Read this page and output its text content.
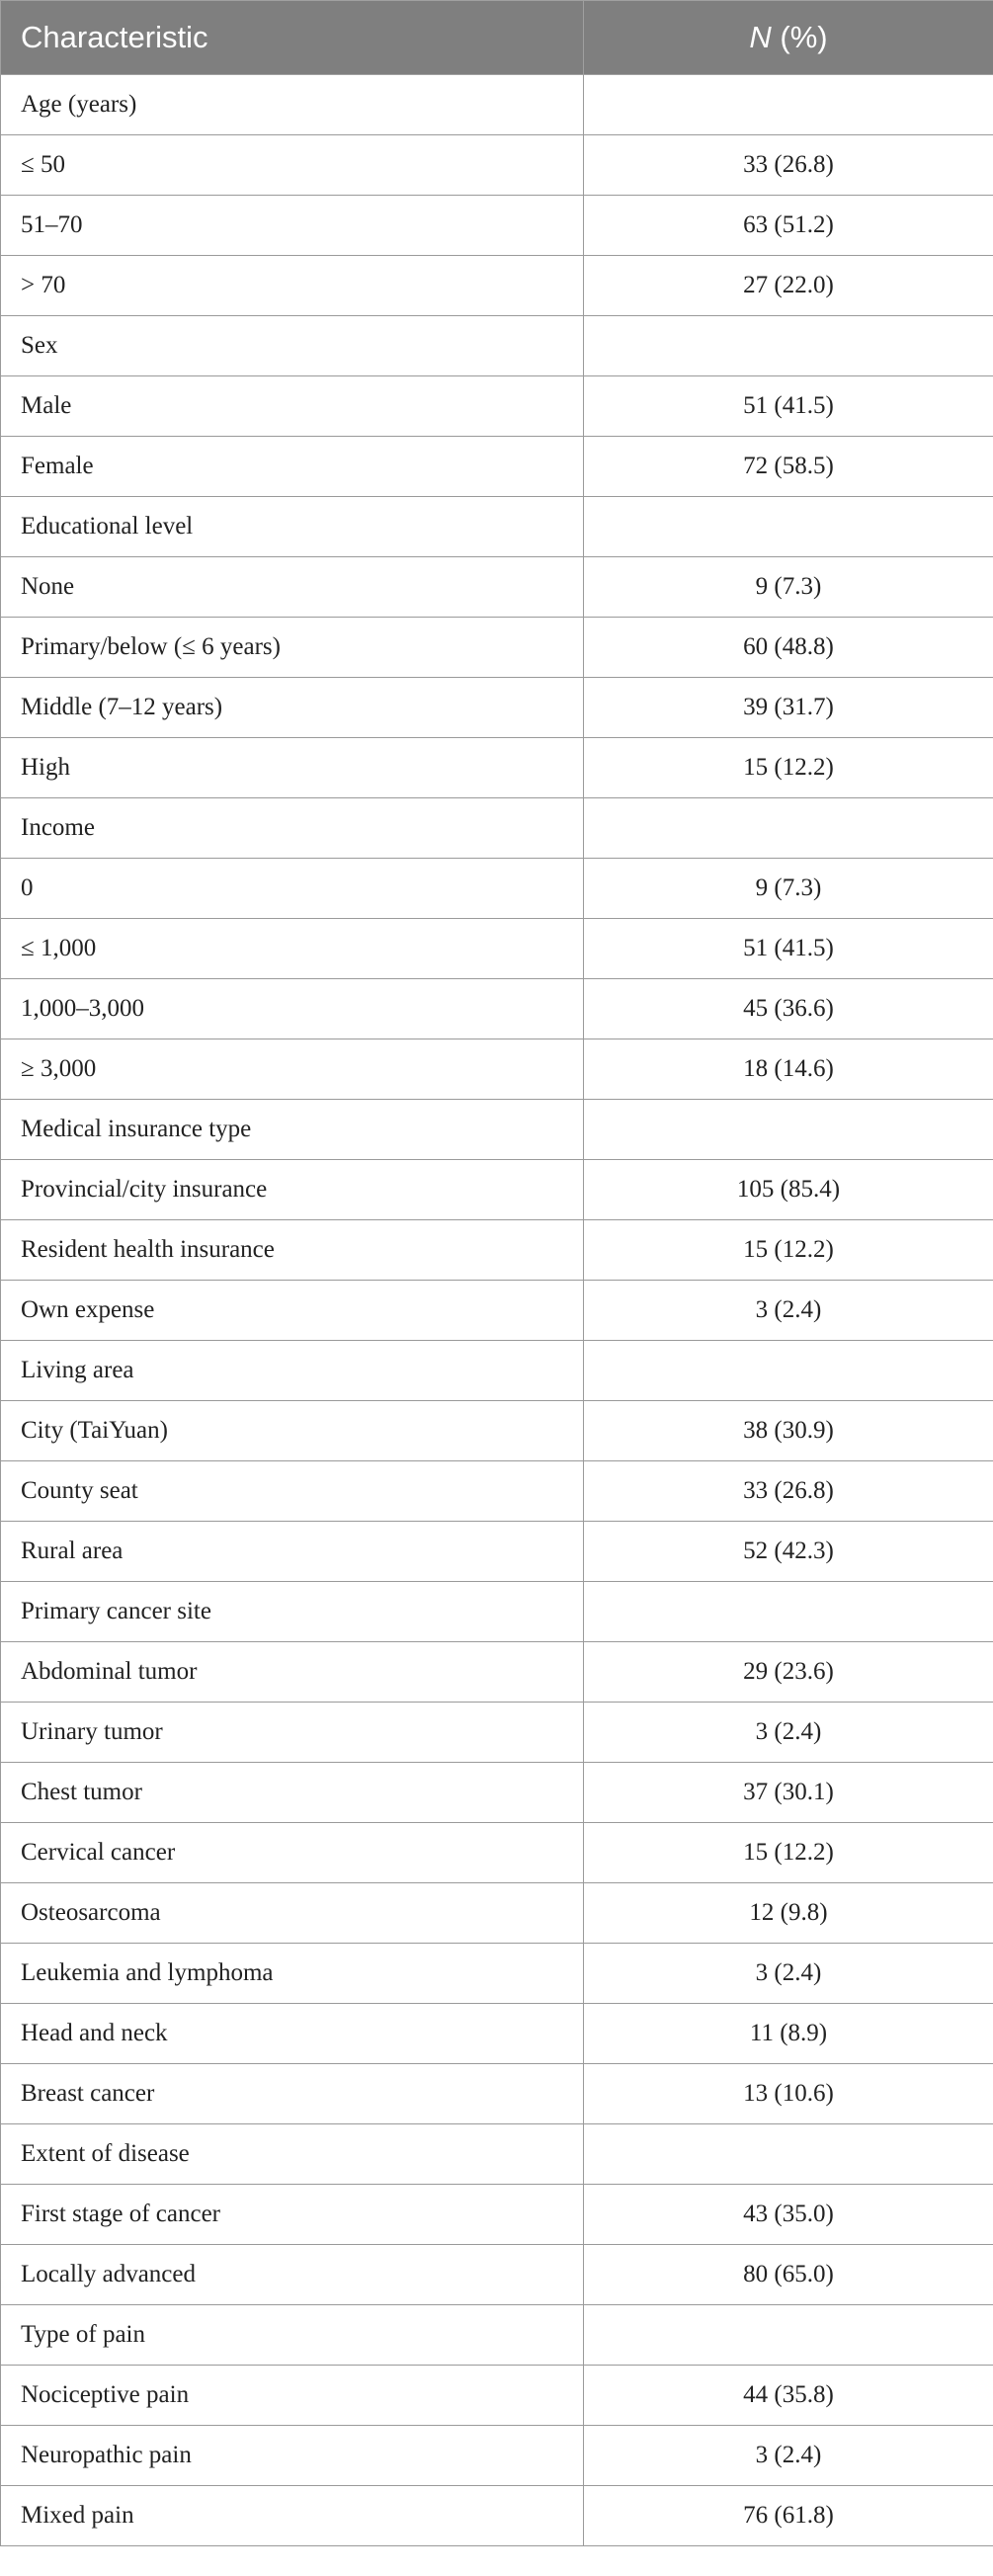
Characteristic	N (%)
Age (years)	
≤ 50	33 (26.8)
51–70	63 (51.2)
> 70	27 (22.0)
Sex	
Male	51 (41.5)
Female	72 (58.5)
Educational level	
None	9 (7.3)
Primary/below (≤ 6 years)	60 (48.8)
Middle (7–12 years)	39 (31.7)
High	15 (12.2)
Income	
0	9 (7.3)
≤ 1,000	51 (41.5)
1,000–3,000	45 (36.6)
≥ 3,000	18 (14.6)
Medical insurance type	
Provincial/city insurance	105 (85.4)
Resident health insurance	15 (12.2)
Own expense	3 (2.4)
Living area	
City (TaiYuan)	38 (30.9)
County seat	33 (26.8)
Rural area	52 (42.3)
Primary cancer site	
Abdominal tumor	29 (23.6)
Urinary tumor	3 (2.4)
Chest tumor	37 (30.1)
Cervical cancer	15 (12.2)
Osteosarcoma	12 (9.8)
Leukemia and lymphoma	3 (2.4)
Head and neck	11 (8.9)
Breast cancer	13 (10.6)
Extent of disease	
First stage of cancer	43 (35.0)
Locally advanced	80 (65.0)
Type of pain	
Nociceptive pain	44 (35.8)
Neuropathic pain	3 (2.4)
Mixed pain	76 (61.8)
